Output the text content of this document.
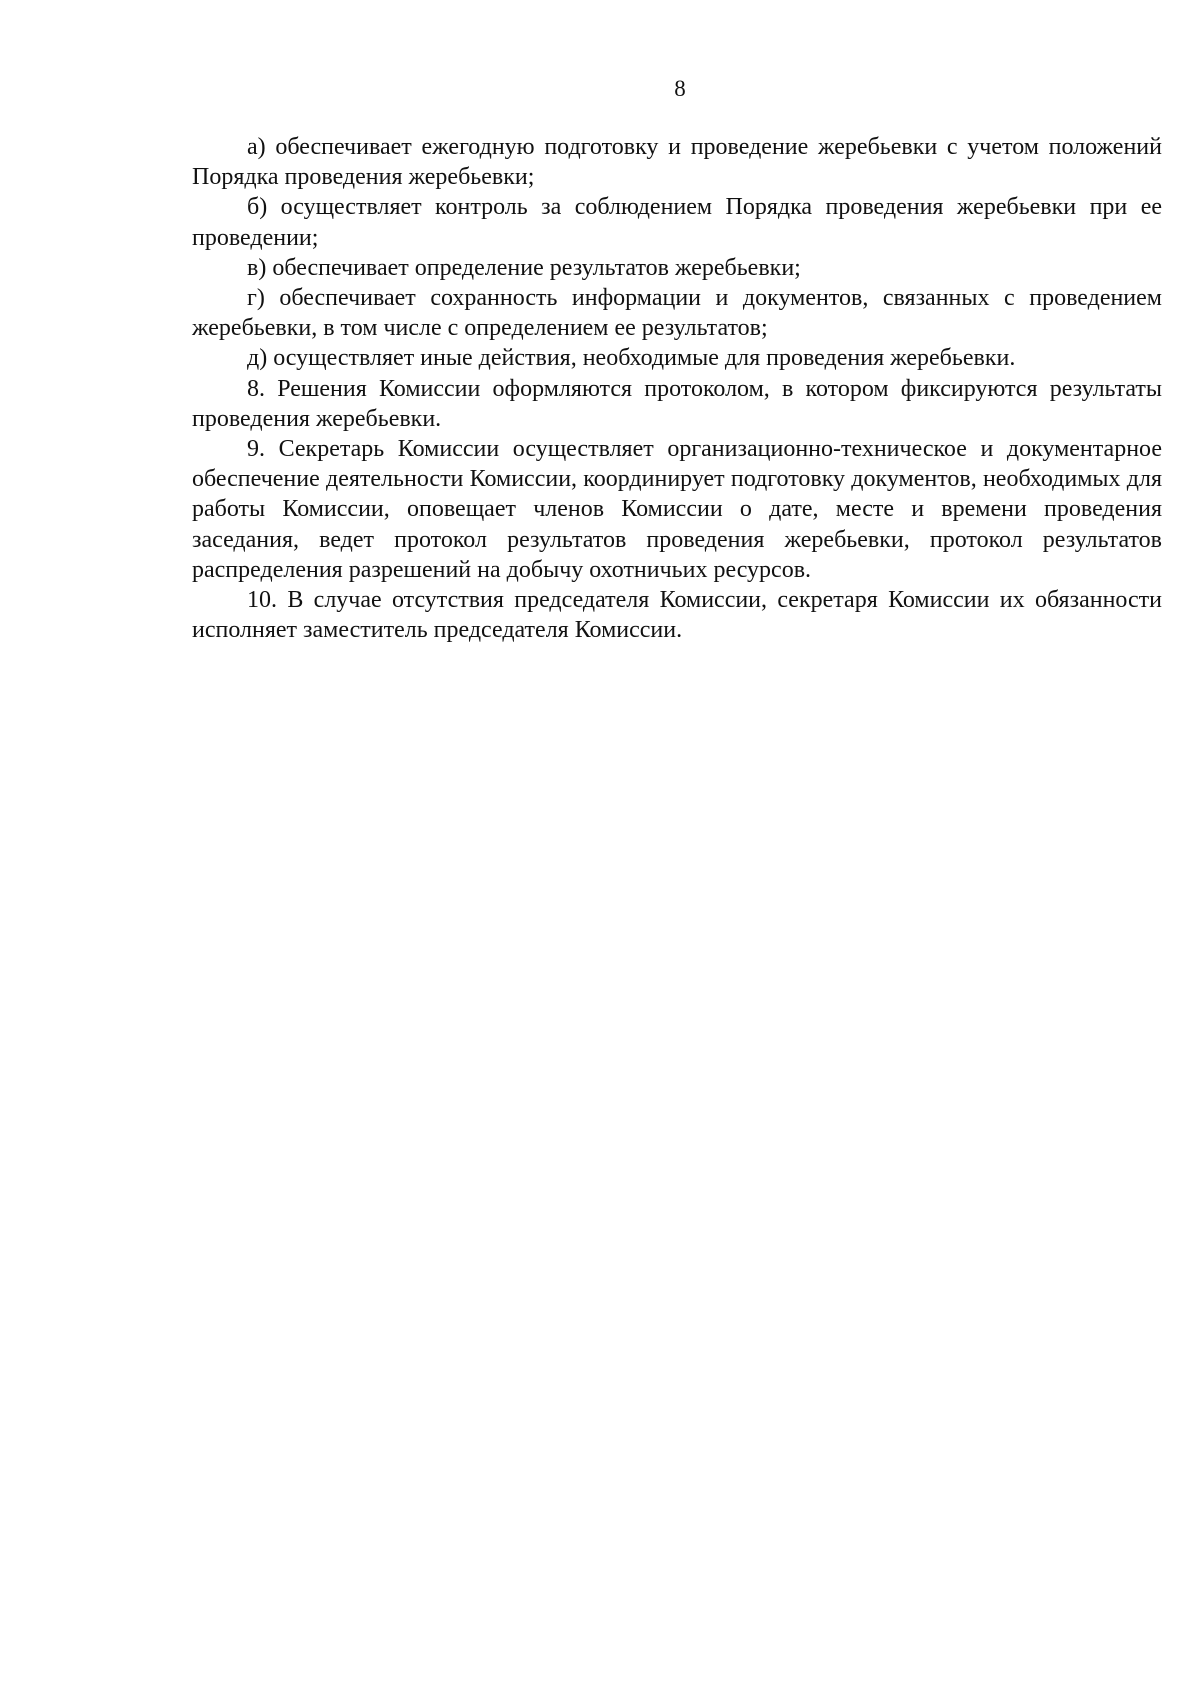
8

а) обеспечивает ежегодную подготовку и проведение жеребьевки с учетом положений Порядка проведения жеребьевки;

б) осуществляет контроль за соблюдением Порядка проведения жеребьевки при ее проведении;

в) обеспечивает определение результатов жеребьевки;

г) обеспечивает сохранность информации и документов, связанных с проведением жеребьевки, в том числе с определением ее результатов;

д) осуществляет иные действия, необходимые для проведения жеребьевки.

8. Решения Комиссии оформляются протоколом, в котором фиксируются результаты проведения жеребьевки.

9. Секретарь Комиссии осуществляет организационно-техническое и документарное обеспечение деятельности Комиссии, координирует подготовку документов, необходимых для работы Комиссии, оповещает членов Комиссии о дате, месте и времени проведения заседания, ведет протокол результатов проведения жеребьевки, протокол результатов распределения разрешений на добычу охотничьих ресурсов.

10. В случае отсутствия председателя Комиссии, секретаря Комиссии их обязанности исполняет заместитель председателя Комиссии.
